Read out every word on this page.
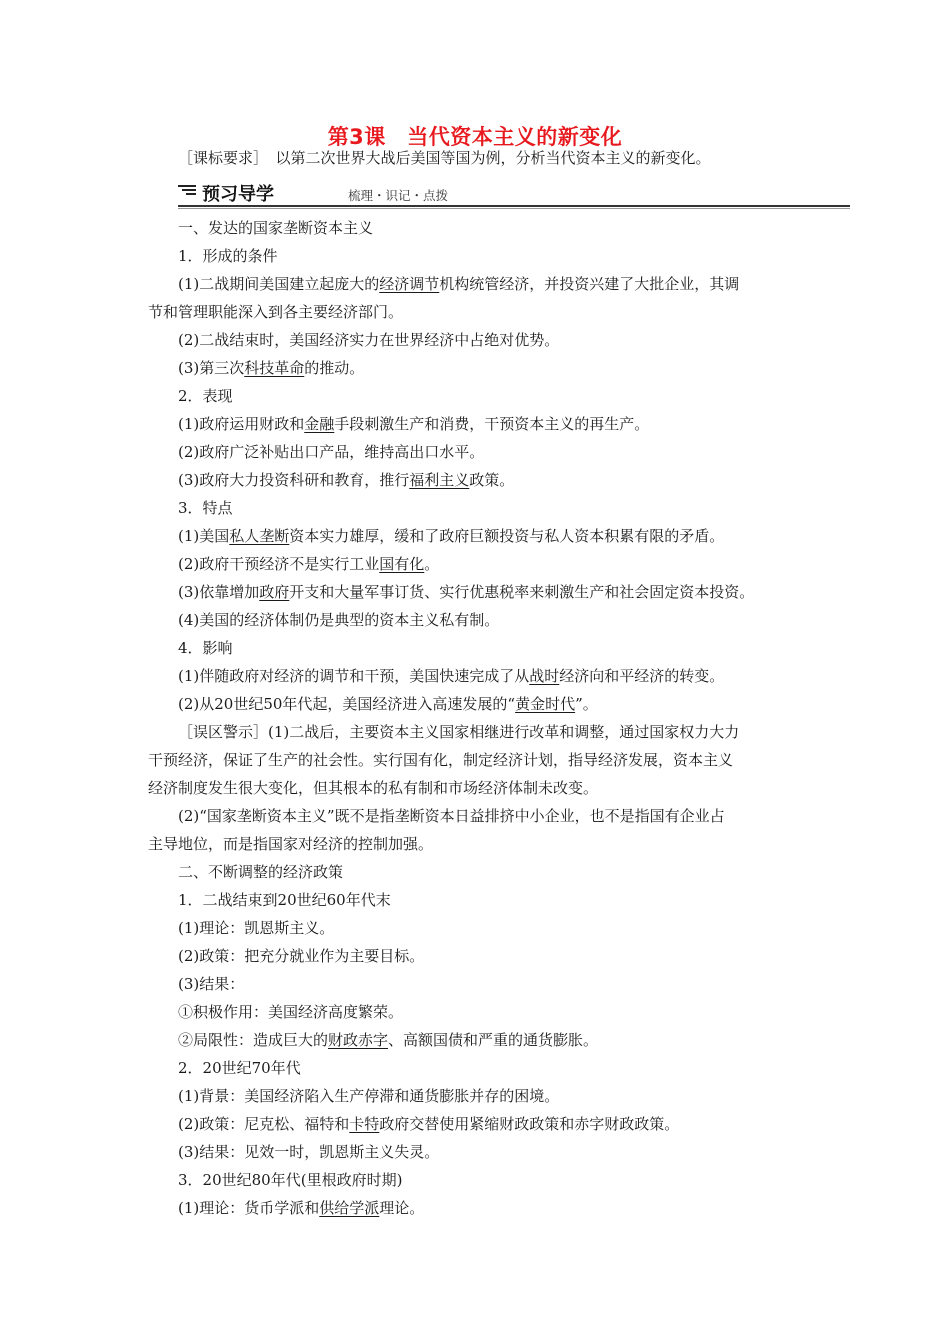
第3课　当代资本主义的新变化
［课标要求］　以第二次世界大战后美国等国为例，分析当代资本主义的新变化。
预习导学	梳理・识记・点拨

一、发达的国家垄断资本主义

1．形成的条件

(1)二战期间美国建立起庞大的经济调节机构统管经济，并投资兴建了大批企业，其调

节和管理职能深入到各主要经济部门。

(2)二战结束时，美国经济实力在世界经济中占绝对优势。

(3)第三次科技革命的推动。

2．表现

(1)政府运用财政和金融手段刺激生产和消费，干预资本主义的再生产。

(2)政府广泛补贴出口产品，维持高出口水平。

(3)政府大力投资科研和教育，推行福利主义政策。

3．特点

(1)美国私人垄断资本实力雄厚，缓和了政府巨额投资与私人资本积累有限的矛盾。

(2)政府干预经济不是实行工业国有化。

(3)依靠增加政府开支和大量军事订货、实行优惠税率来刺激生产和社会固定资本投资。

(4)美国的经济体制仍是典型的资本主义私有制。

4．影响

(1)伴随政府对经济的调节和干预，美国快速完成了从战时经济向和平经济的转变。

(2)从20世纪50年代起，美国经济进入高速发展的“黄金时代”。

［误区警示］(1)二战后，主要资本主义国家相继进行改革和调整，通过国家权力大力

干预经济，保证了生产的社会性。实行国有化，制定经济计划，指导经济发展，资本主义

经济制度发生很大变化，但其根本的私有制和市场经济体制未改变。

(2)“国家垄断资本主义”既不是指垄断资本日益排挤中小企业，也不是指国有企业占

主导地位，而是指国家对经济的控制加强。

二、不断调整的经济政策

1．二战结束到20世纪60年代末

(1)理论：凯恩斯主义。

(2)政策：把充分就业作为主要目标。

(3)结果：

①积极作用：美国经济高度繁荣。

②局限性：造成巨大的财政赤字、高额国债和严重的通货膨胀。

2．20世纪70年代

(1)背景：美国经济陷入生产停滞和通货膨胀并存的困境。

(2)政策：尼克松、福特和卡特政府交替使用紧缩财政政策和赤字财政政策。

(3)结果：见效一时，凯恩斯主义失灵。

3．20世纪80年代(里根政府时期)

(1)理论：货币学派和供给学派理论。
